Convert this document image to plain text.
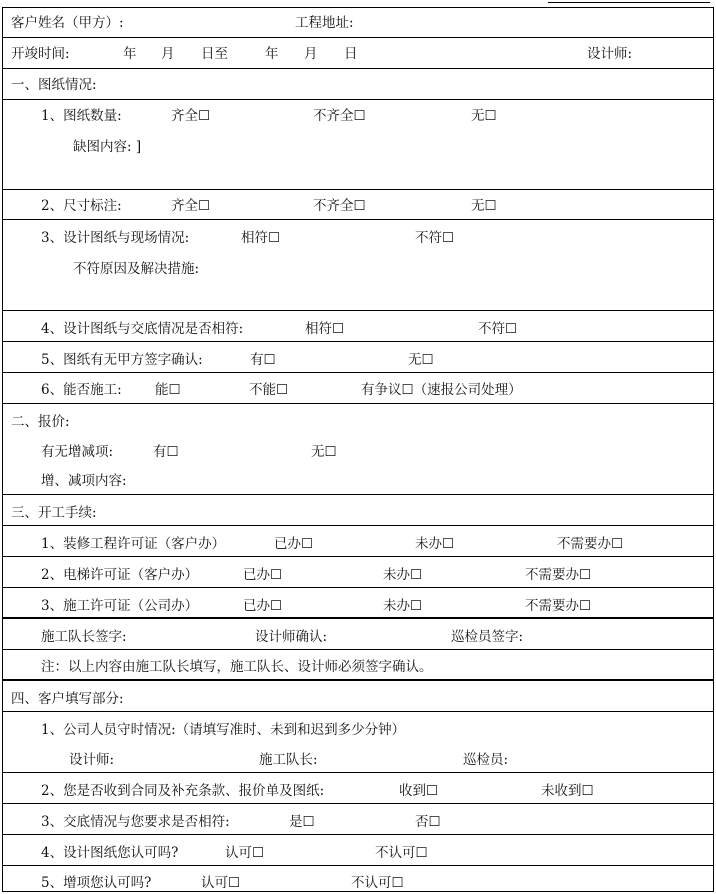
客户姓名（甲方）:	工程地址:
开竣时间:	年 月 日至	年 月 日	设计师:
一、图纸情况:
1、图纸数量:	齐全☐	不齐全☐	无☐
缺图内容: ]
2、尺寸标注:	齐全☐	不齐全☐	无☐
3、设计图纸与现场情况:	相符☐	不符☐
不符原因及解决措施:
4、设计图纸与交底情况是否相符:	相符☐	不符☐
5、图纸有无甲方签字确认:	有☐	无☐
6、能否施工: 能☐	不能☐	有争议☐（速报公司处理）
二、报价:
有无增减项:	有☐	无☐
增、减项内容:
三、开工手续:
1、装修工程许可证（客户办）	已办☐	未办☐	不需要办☐
2、电梯许可证（客户办）	已办☐	未办☐	不需要办☐
3、施工许可证（公司办）	已办☐	未办☐	不需要办☐
施工队长签字:	设计师确认:	巡检员签字:
注：以上内容由施工队长填写，施工队长、设计师必须签字确认。
四、客户填写部分:
1、公司人员守时情况:（请填写准时、未到和迟到多少分钟）
设计师:	施工队长:	巡检员:
2、您是否收到合同及补充条款、报价单及图纸:	收到☐	未收到☐
3、交底情况与您要求是否相符:	是☐	否☐
4、设计图纸您认可吗?	认可☐	不认可☐
5、增项您认可吗?	认可☐	不认可☐
